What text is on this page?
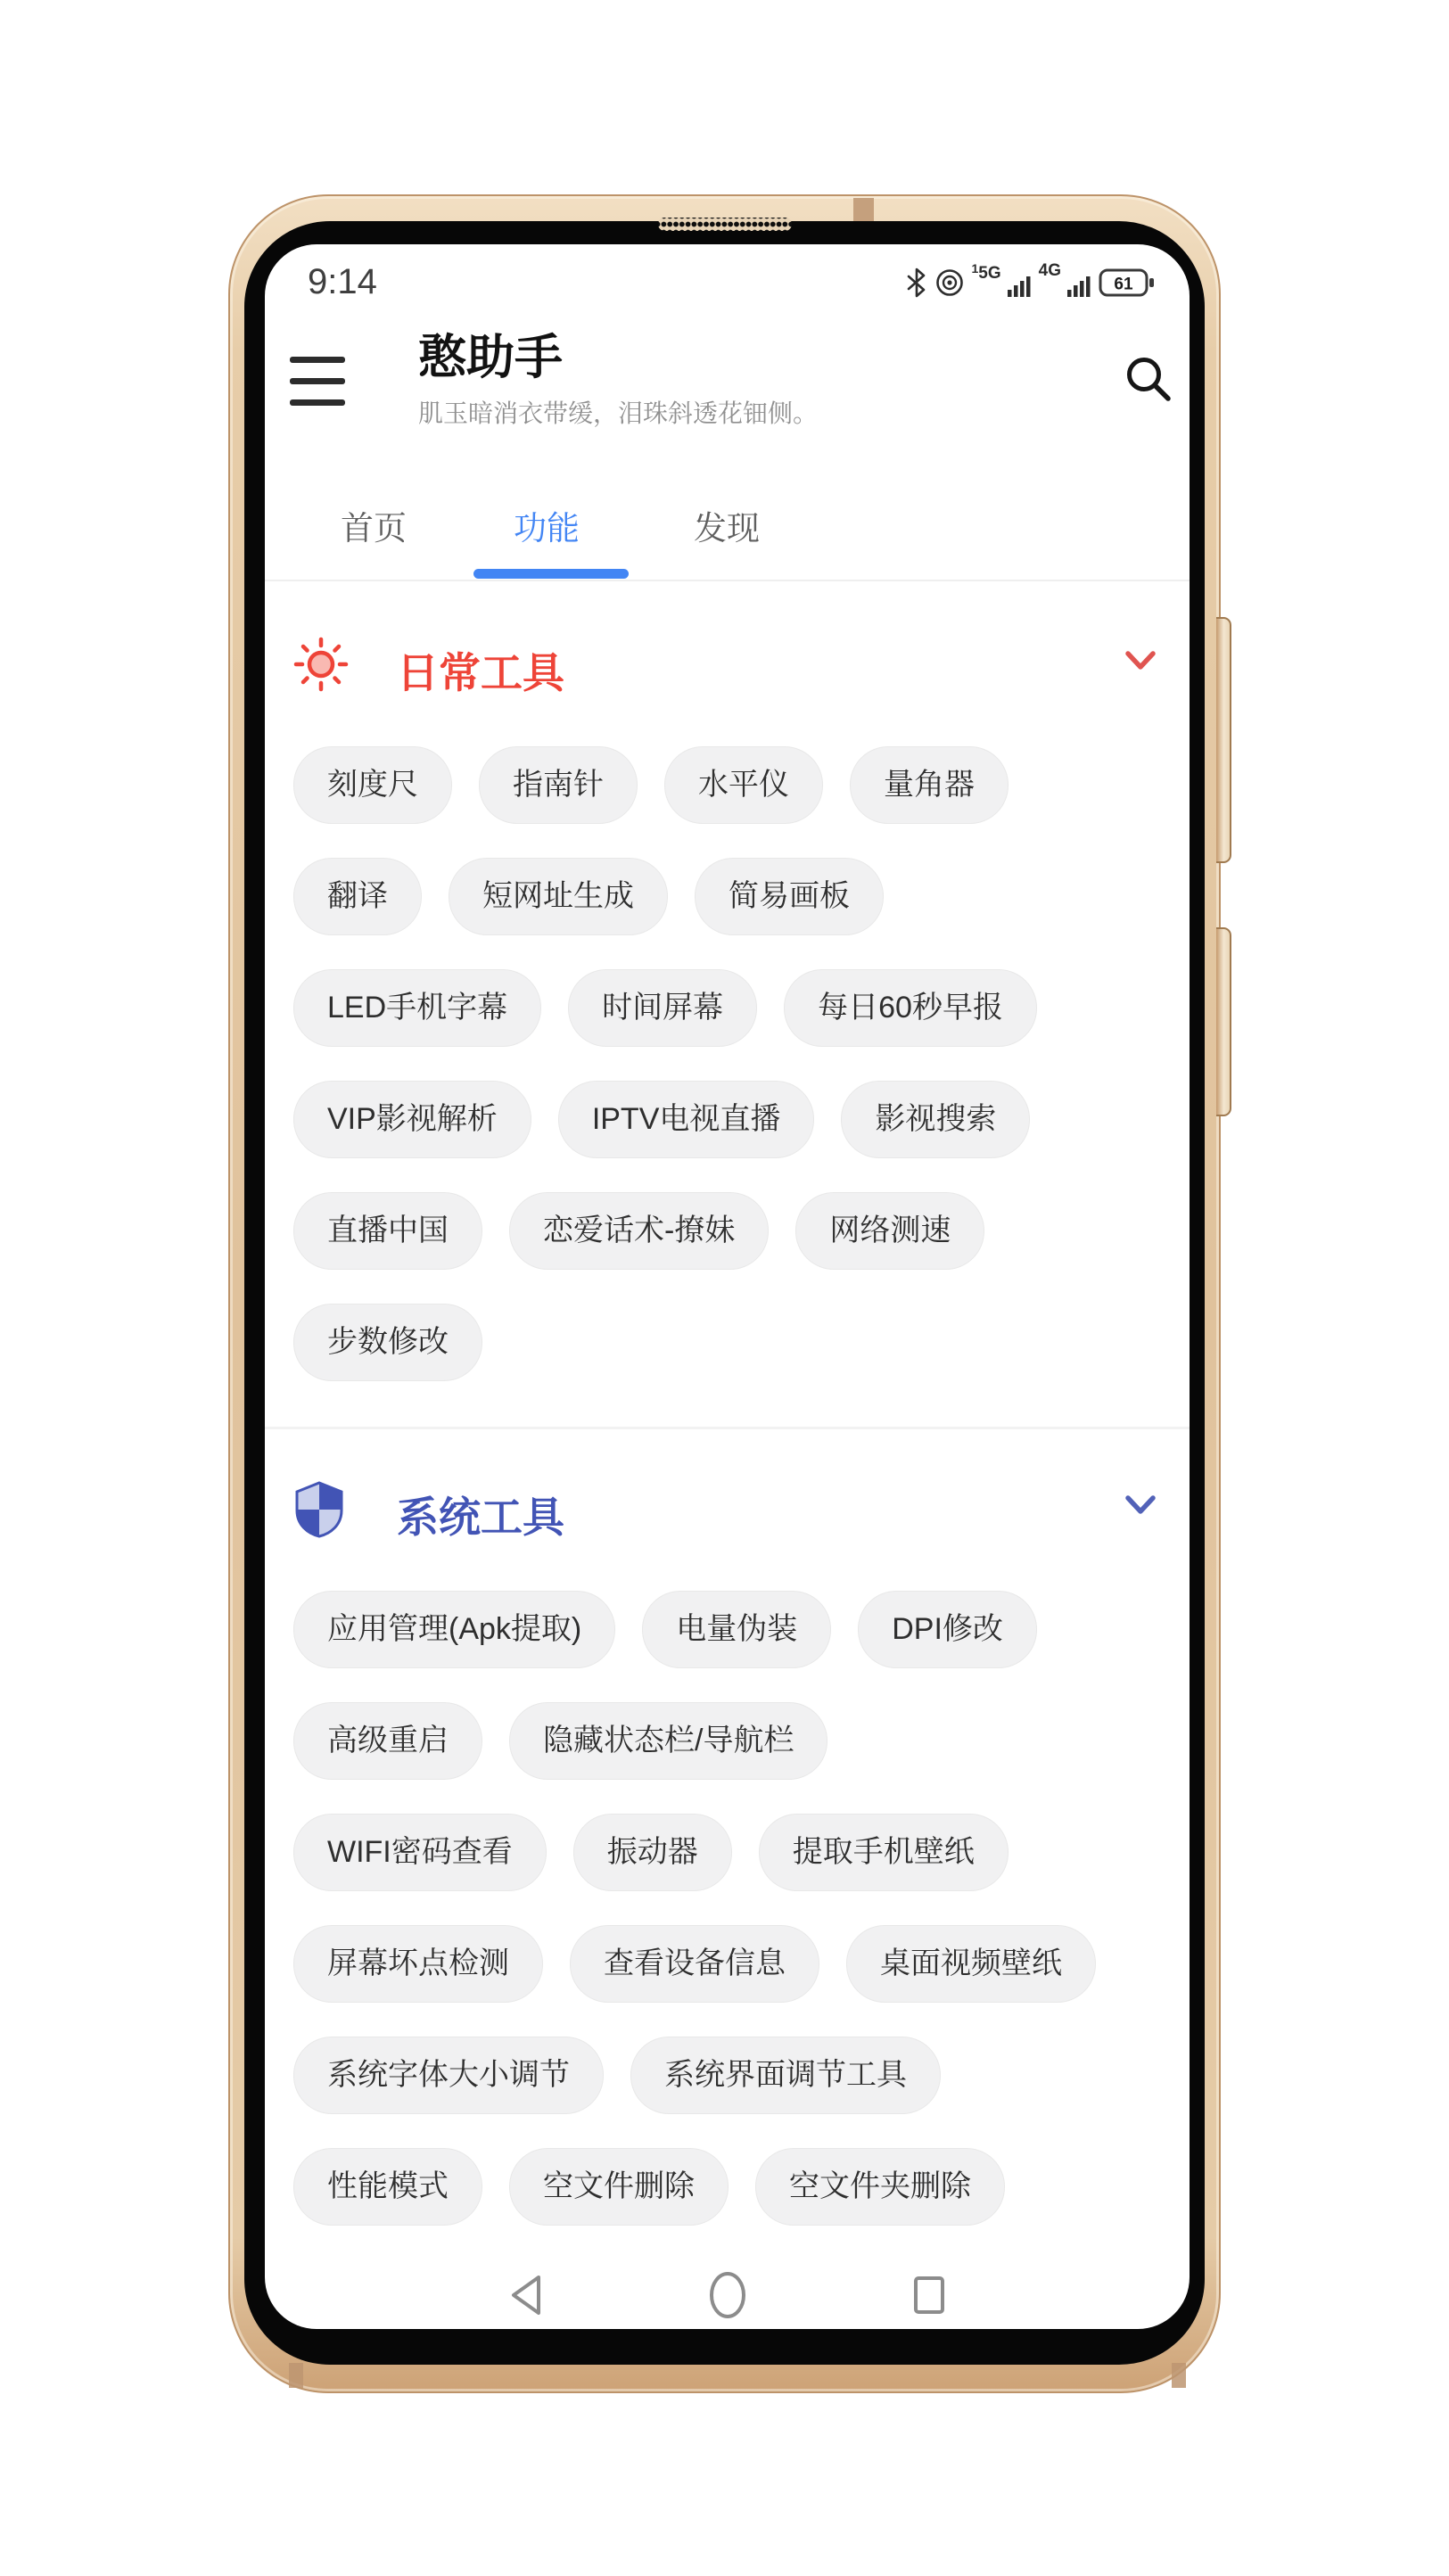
9:14	$^1$5G 4G
61
憨助手
肌玉暗消衣带缓，泪珠斜透花钿侧。
首页	功能	发现
日常工具
刻度尺	指南针	水平仪	量角器
翻译	短网址生成	简易画板
LED手机字幕	时间屏幕	每日60秒早报
VIP影视解析	IPTV电视直播	影视搜索
直播中国	恋爱话术-撩妹	网络测速
步数修改
系统工具
应用管理(Apk提取)	电量伪装	DPI修改
高级重启	隐藏状态栏/导航栏
WIFI密码查看	振动器	提取手机壁纸
屏幕坏点检测	查看设备信息	桌面视频壁纸
系统字体大小调节	系统界面调节工具
性能模式	空文件删除	空文件夹删除
